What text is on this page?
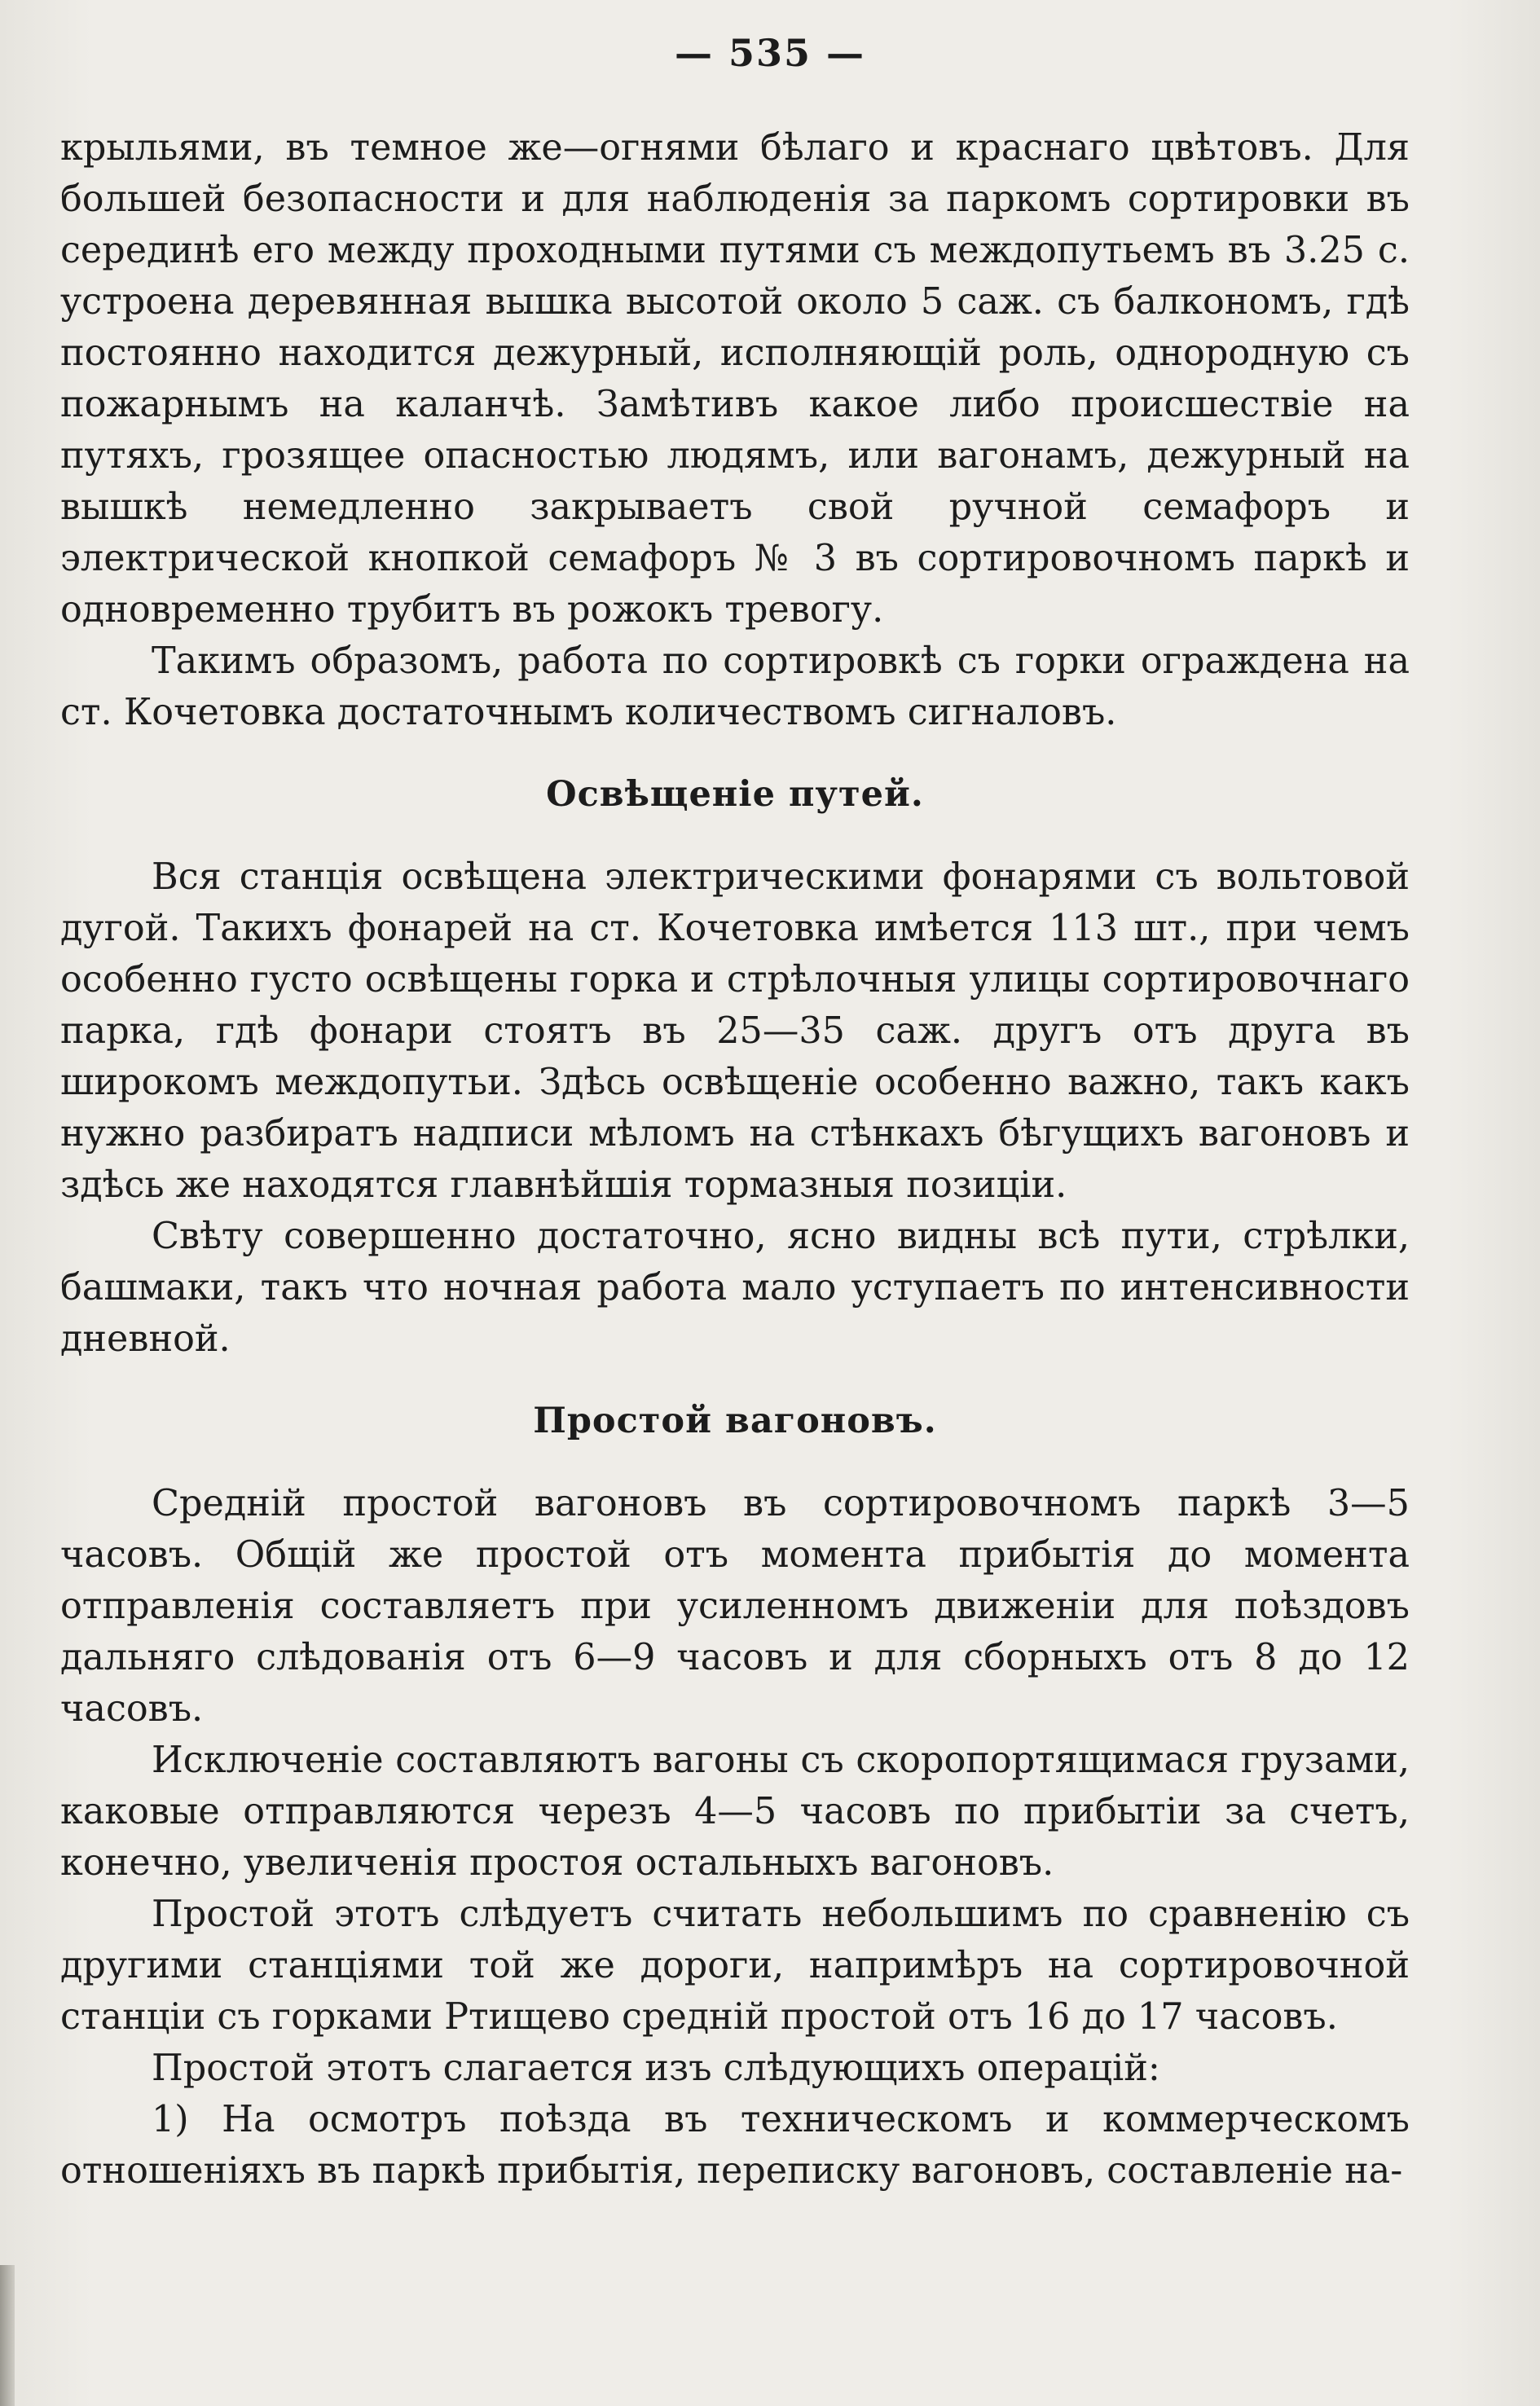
— 535 —

крыльями, въ темное же—огнями бѣлаго и краснаго цвѣтовъ. Для большей безопасности и для наблюденія за паркомъ сортировки въ серединѣ его между проходными путями съ междопутьемъ въ 3.25 с. устроена деревянная вышка высотой около 5 саж. съ балкономъ, гдѣ постоянно находится дежурный, исполняющій роль, однородную съ пожарнымъ на каланчѣ. Замѣтивъ какое либо происшествіе на путяхъ, грозящее опасностью людямъ, или вагонамъ, дежурный на вышкѣ немедленно закрываетъ свой ручной семафоръ и электрической кнопкой семафоръ № 3 въ сортировочномъ паркѣ и одновременно трубитъ въ рожокъ тревогу.

Такимъ образомъ, работа по сортировкѣ съ горки ограждена на ст. Кочетовка достаточнымъ количествомъ сигналовъ.

Освѣщеніе путей.

Вся станція освѣщена электрическими фонарями съ вольтовой дугой. Такихъ фонарей на ст. Кочетовка имѣется 113 шт., при чемъ особенно густо освѣщены горка и стрѣлочныя улицы сортировочнаго парка, гдѣ фонари стоятъ въ 25—35 саж. другъ отъ друга въ широкомъ междопутьи. Здѣсь освѣщеніе особенно важно, такъ какъ нужно разбиратъ надписи мѣломъ на стѣнкахъ бѣгущихъ вагоновъ и здѣсь же находятся главнѣйшія тормазныя позиціи.

Свѣту совершенно достаточно, ясно видны всѣ пути, стрѣлки, башмаки, такъ что ночная работа мало уступаетъ по интенсивности дневной.

Простой вагоновъ.

Средній простой вагоновъ въ сортировочномъ паркѣ 3—5 часовъ. Общій же простой отъ момента прибытія до момента отправленія составляетъ при усиленномъ движеніи для поѣздовъ дальняго слѣдованія отъ 6—9 часовъ и для сборныхъ отъ 8 до 12 часовъ.

Исключеніе составляютъ вагоны съ скоропортящимася грузами, каковые отправляются черезъ 4—5 часовъ по прибытіи за счетъ, конечно, увеличенія простоя остальныхъ вагоновъ.

Простой этотъ слѣдуетъ считать небольшимъ по сравненію съ другими станціями той же дороги, напримѣръ на сортировочной станціи съ горками Ртищево средній простой отъ 16 до 17 часовъ.

Простой этотъ слагается изъ слѣдующихъ операцій:

1) На осмотръ поѣзда въ техническомъ и коммерческомъ отношеніяхъ въ паркѣ прибытія, переписку вагоновъ, составленіе на-
